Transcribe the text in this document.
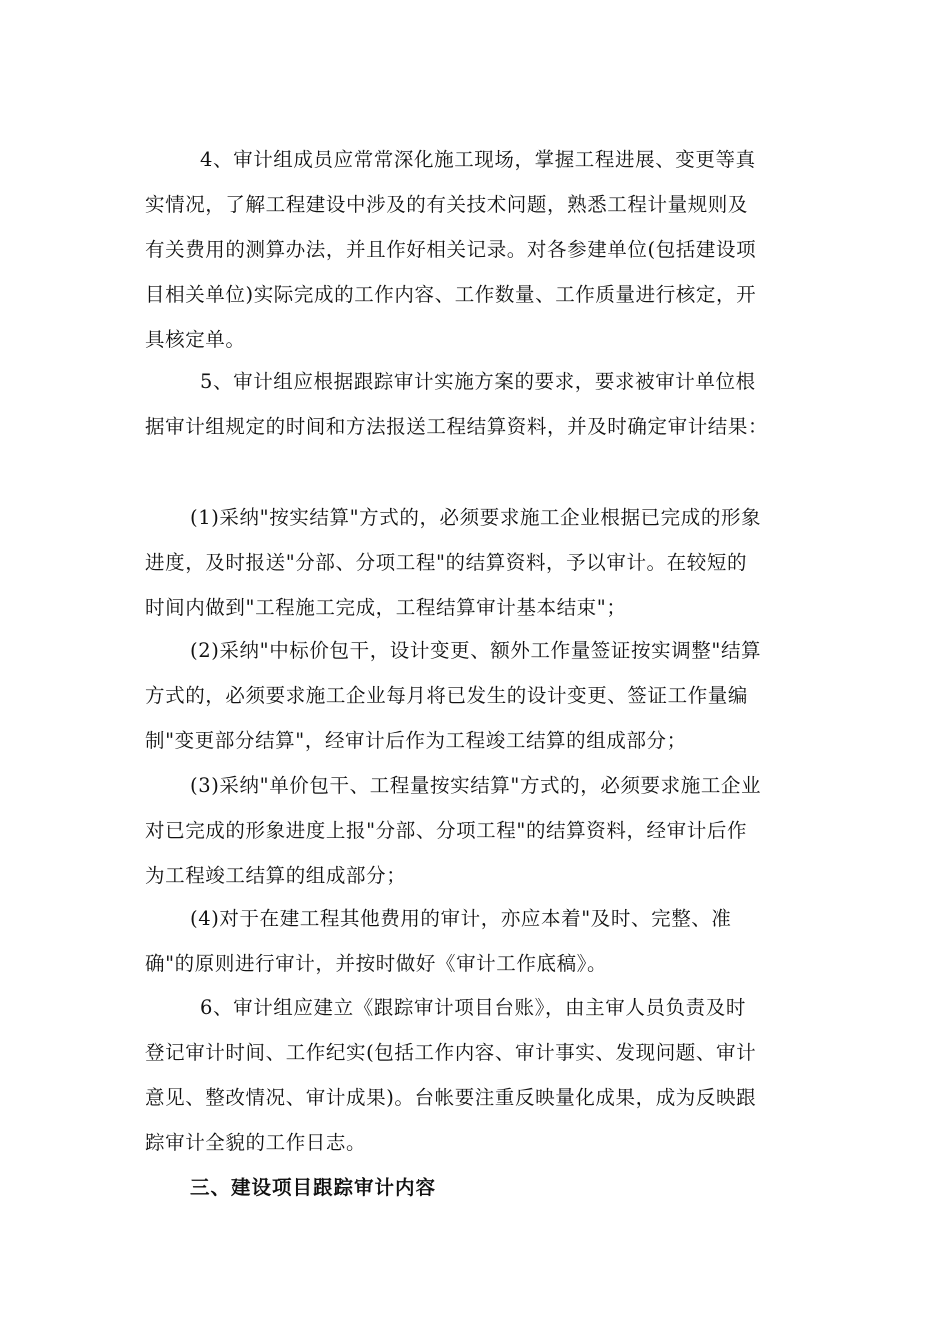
4、审计组成员应常常深化施工现场，掌握工程进展、变更等真
实情况，了解工程建设中涉及的有关技术问题，熟悉工程计量规则及
有关费用的测算办法，并且作好相关记录。对各参建单位(包括建设项
目相关单位)实际完成的工作内容、工作数量、工作质量进行核定，开
具核定单。
5、审计组应根据跟踪审计实施方案的要求，要求被审计单位根
据审计组规定的时间和方法报送工程结算资料，并及时确定审计结果：
(1)采纳"按实结算"方式的，必须要求施工企业根据已完成的形象
进度，及时报送"分部、分项工程"的结算资料，予以审计。在较短的
时间内做到"工程施工完成，工程结算审计基本结束"；
(2)采纳"中标价包干，设计变更、额外工作量签证按实调整"结算
方式的，必须要求施工企业每月将已发生的设计变更、签证工作量编
制"变更部分结算"，经审计后作为工程竣工结算的组成部分；
(3)采纳"单价包干、工程量按实结算"方式的，必须要求施工企业
对已完成的形象进度上报"分部、分项工程"的结算资料，经审计后作
为工程竣工结算的组成部分；
(4)对于在建工程其他费用的审计，亦应本着"及时、完整、准
确"的原则进行审计，并按时做好《审计工作底稿》。
6、审计组应建立《跟踪审计项目台账》，由主审人员负责及时
登记审计时间、工作纪实(包括工作内容、审计事实、发现问题、审计
意见、整改情况、审计成果)。台帐要注重反映量化成果，成为反映跟
踪审计全貌的工作日志。
三、建设项目跟踪审计内容
